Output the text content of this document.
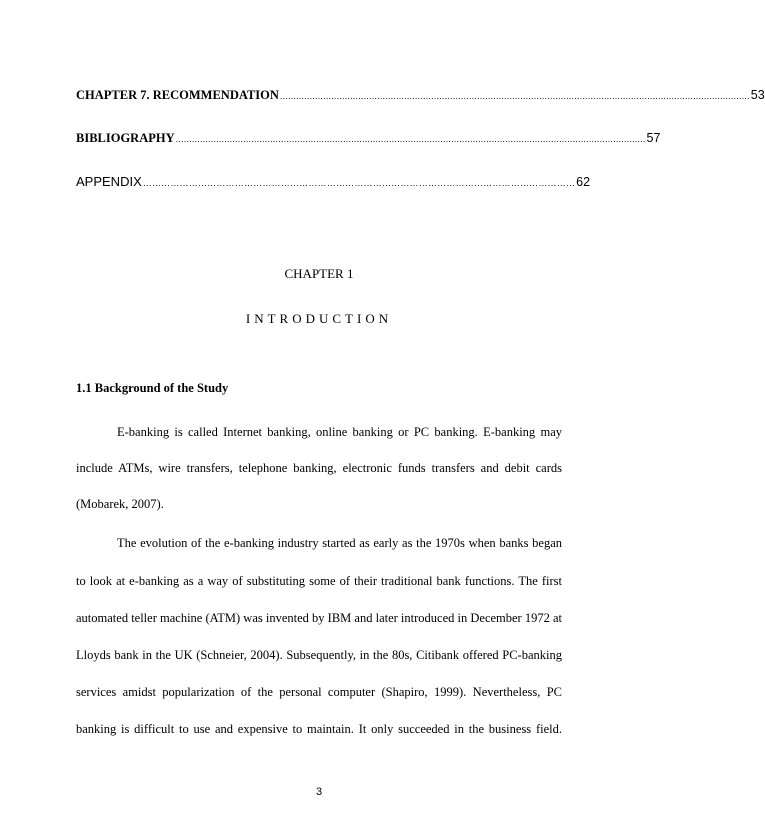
CHAPTER 7. RECOMMENDATION .............................................................................................................................................................................. 53
BIBLIOGRAPHY .............................................................................................................................................................................. 57
APPENDIX …………………………………………………………………………………………………………………………… 62
CHAPTER 1
INTRODUCTION
1.1 Background of the Study
E-banking is called Internet banking, online banking or PC banking. E-banking may
include ATMs, wire transfers, telephone banking, electronic funds transfers and debit cards
(Mobarek, 2007).
The evolution of the e-banking industry started as early as the 1970s when banks began
to look at e-banking as a way of substituting some of their traditional bank functions. The first
automated teller machine (ATM) was invented by IBM and later introduced in December 1972 at
Lloyds bank in the UK (Schneier, 2004). Subsequently, in the 80s, Citibank offered PC-banking
services amidst popularization of the personal computer (Shapiro, 1999). Nevertheless, PC
banking is difficult to use and expensive to maintain. It only succeeded in the business field.
3
